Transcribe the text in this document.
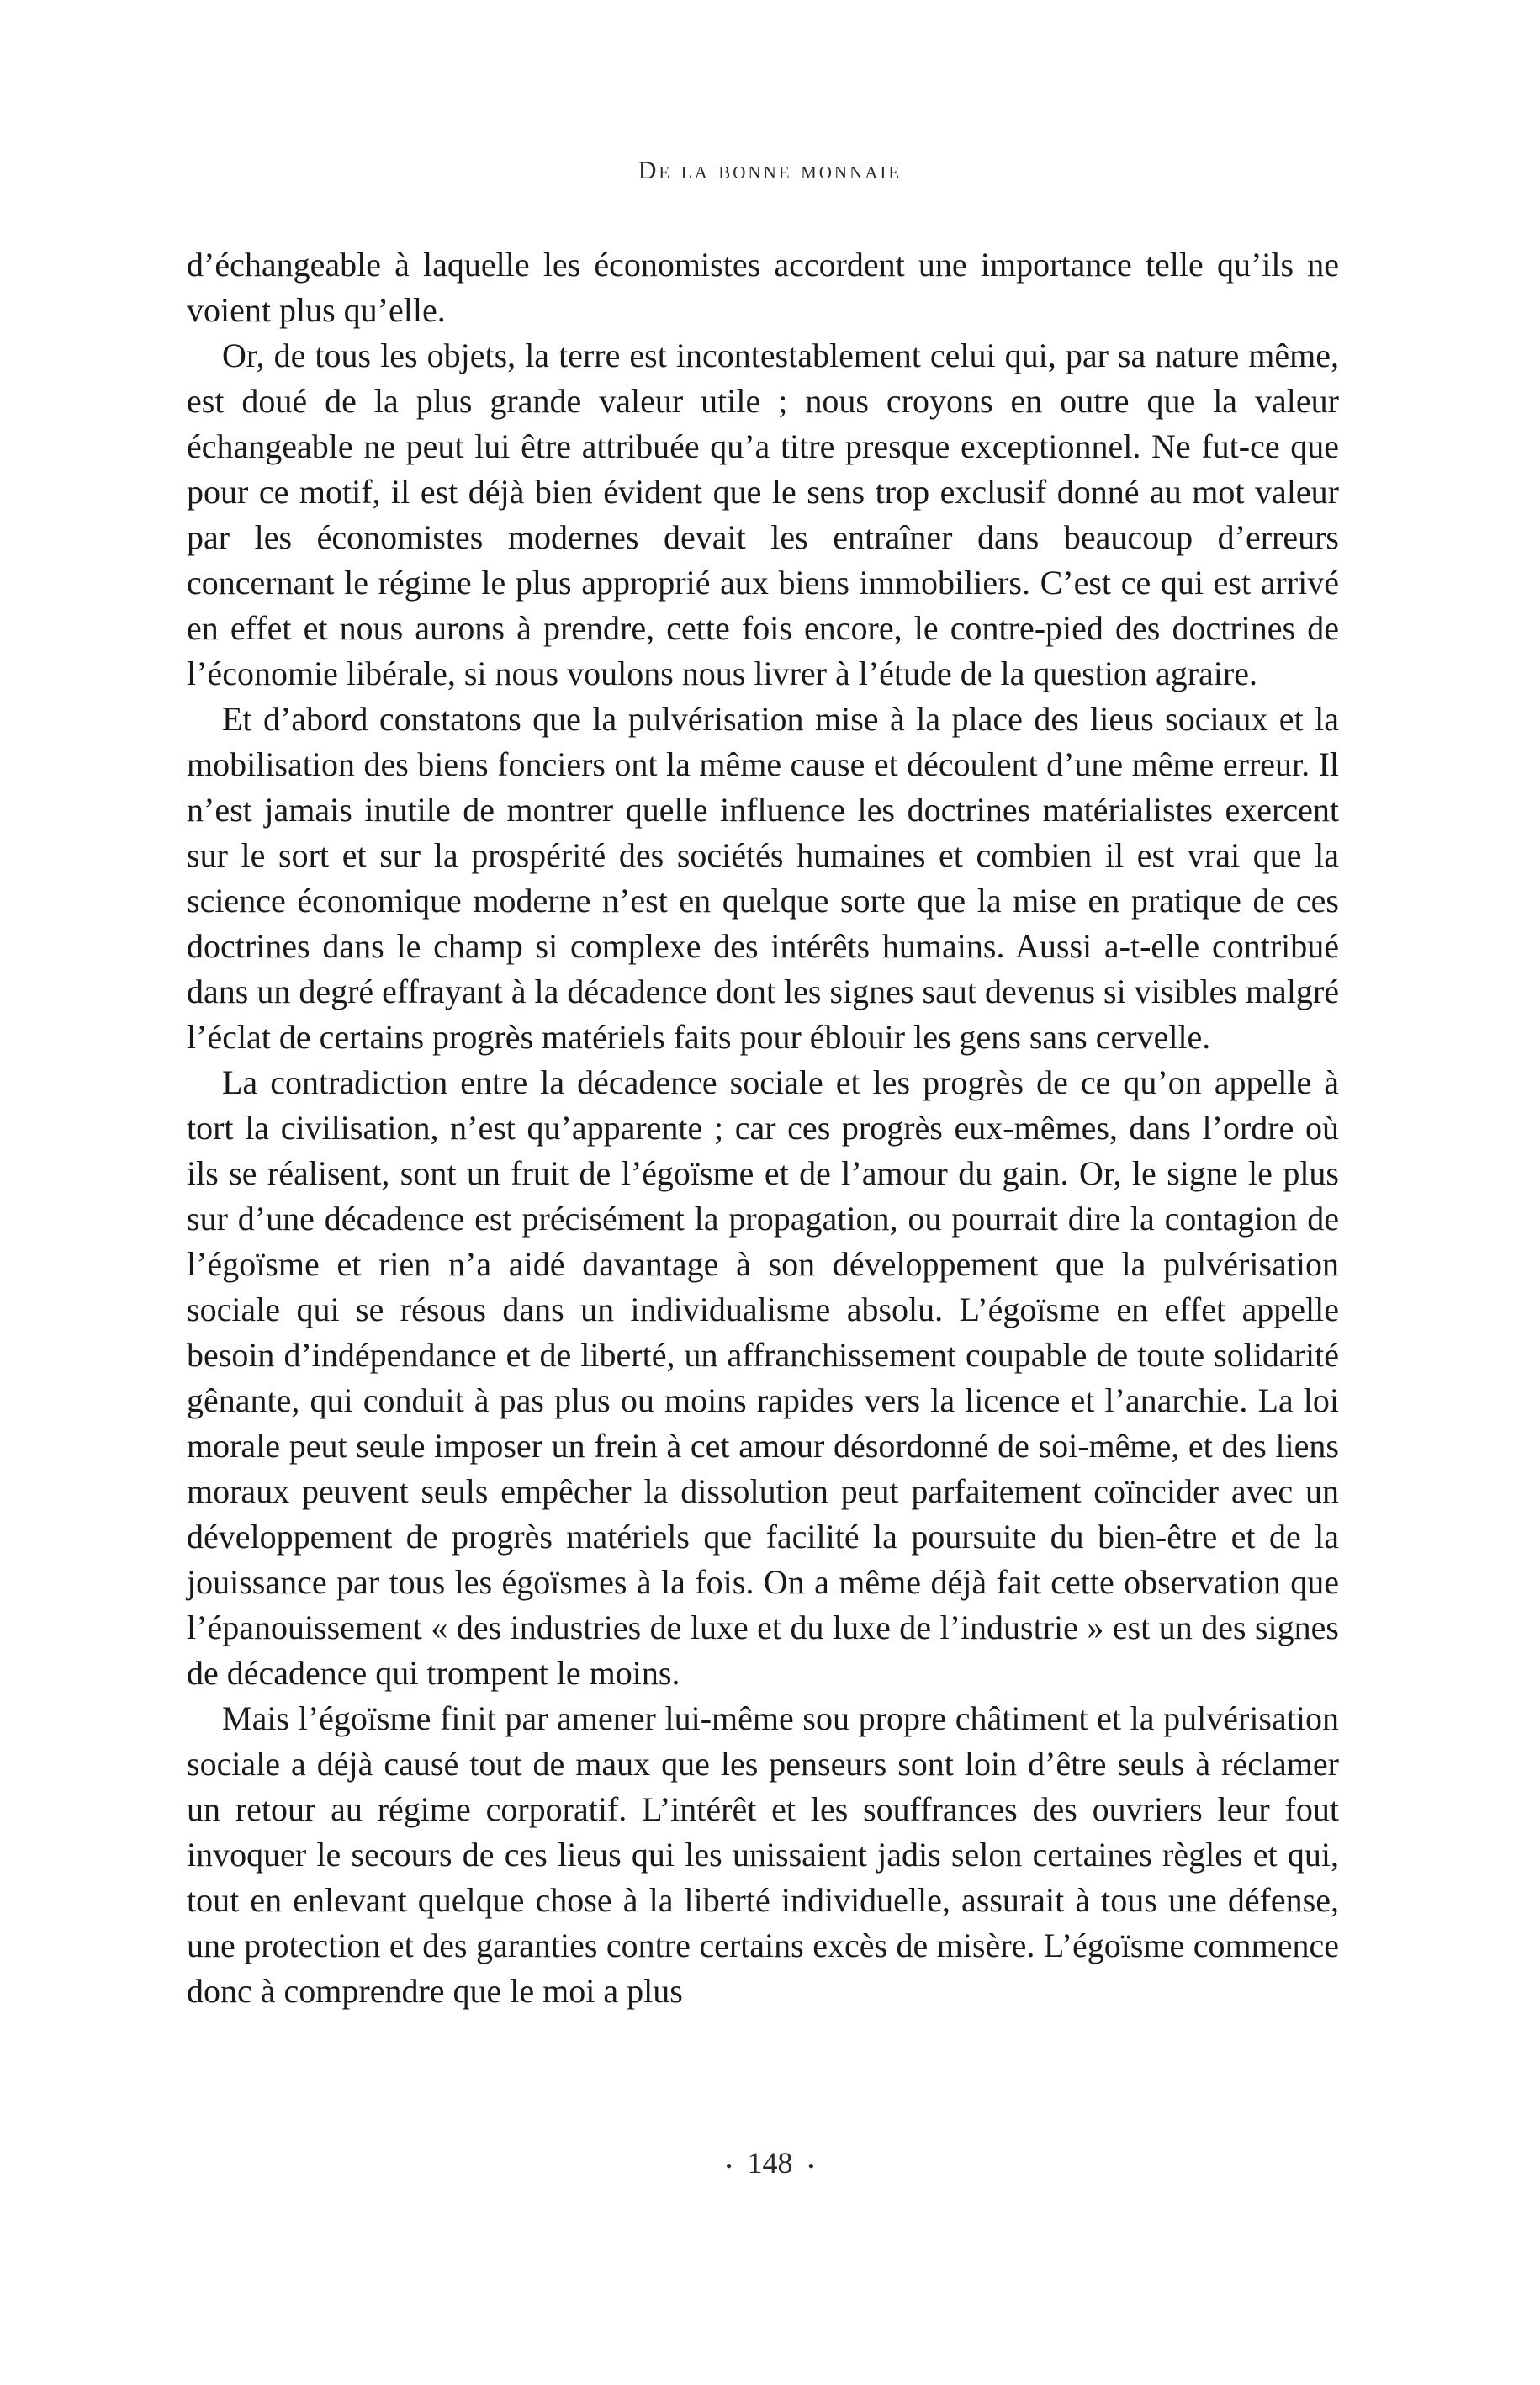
De la bonne monnaie

d’échangeable à laquelle les économistes accordent une importance telle qu’ils ne voient plus qu’elle.

Or, de tous les objets, la terre est incontestablement celui qui, par sa nature même, est doué de la plus grande valeur utile ; nous croyons en outre que la valeur échangeable ne peut lui être attribuée qu’a titre presque exceptionnel. Ne fut-ce que pour ce motif, il est déjà bien évident que le sens trop exclusif donné au mot valeur par les économistes modernes devait les entraîner dans beaucoup d’erreurs concernant le régime le plus approprié aux biens immobiliers. C’est ce qui est arrivé en effet et nous aurons à prendre, cette fois encore, le contre-pied des doctrines de l’économie libérale, si nous voulons nous livrer à l’étude de la question agraire.

Et d’abord constatons que la pulvérisation mise à la place des lieus sociaux et la mobilisation des biens fonciers ont la même cause et découlent d’une même erreur. Il n’est jamais inutile de montrer quelle influence les doctrines matérialistes exercent sur le sort et sur la prospérité des sociétés humaines et combien il est vrai que la science économique moderne n’est en quelque sorte que la mise en pratique de ces doctrines dans le champ si complexe des intérêts humains. Aussi a-t-elle contribué dans un degré effrayant à la décadence dont les signes saut devenus si visibles malgré l’éclat de certains progrès matériels faits pour éblouir les gens sans cervelle.

La contradiction entre la décadence sociale et les progrès de ce qu’on appelle à tort la civilisation, n’est qu’apparente ; car ces progrès eux-mêmes, dans l’ordre où ils se réalisent, sont un fruit de l’égoïsme et de l’amour du gain. Or, le signe le plus sur d’une décadence est précisément la propagation, ou pourrait dire la contagion de l’égoïsme et rien n’a aidé davantage à son développement que la pulvérisation sociale qui se résous dans un individualisme absolu. L’égoïsme en effet appelle besoin d’indépendance et de liberté, un affranchissement coupable de toute solidarité gênante, qui conduit à pas plus ou moins rapides vers la licence et l’anarchie. La loi morale peut seule imposer un frein à cet amour désordonné de soi-même, et des liens moraux peuvent seuls empêcher la dissolution peut parfaitement coïncider avec un développement de progrès matériels que facilité la poursuite du bien-être et de la jouissance par tous les égoïsmes à la fois. On a même déjà fait cette observation que l’épanouissement « des industries de luxe et du luxe de l’industrie » est un des signes de décadence qui trompent le moins.

Mais l’égoïsme finit par amener lui-même sou propre châtiment et la pulvérisation sociale a déjà causé tout de maux que les penseurs sont loin d’être seuls à réclamer un retour au régime corporatif. L’intérêt et les souffrances des ouvriers leur fout invoquer le secours de ces lieus qui les unissaient jadis selon certaines règles et qui, tout en enlevant quelque chose à la liberté individuelle, assurait à tous une défense, une protection et des garanties contre certains excès de misère. L’égoïsme commence donc à comprendre que le moi a plus

• 148 •
